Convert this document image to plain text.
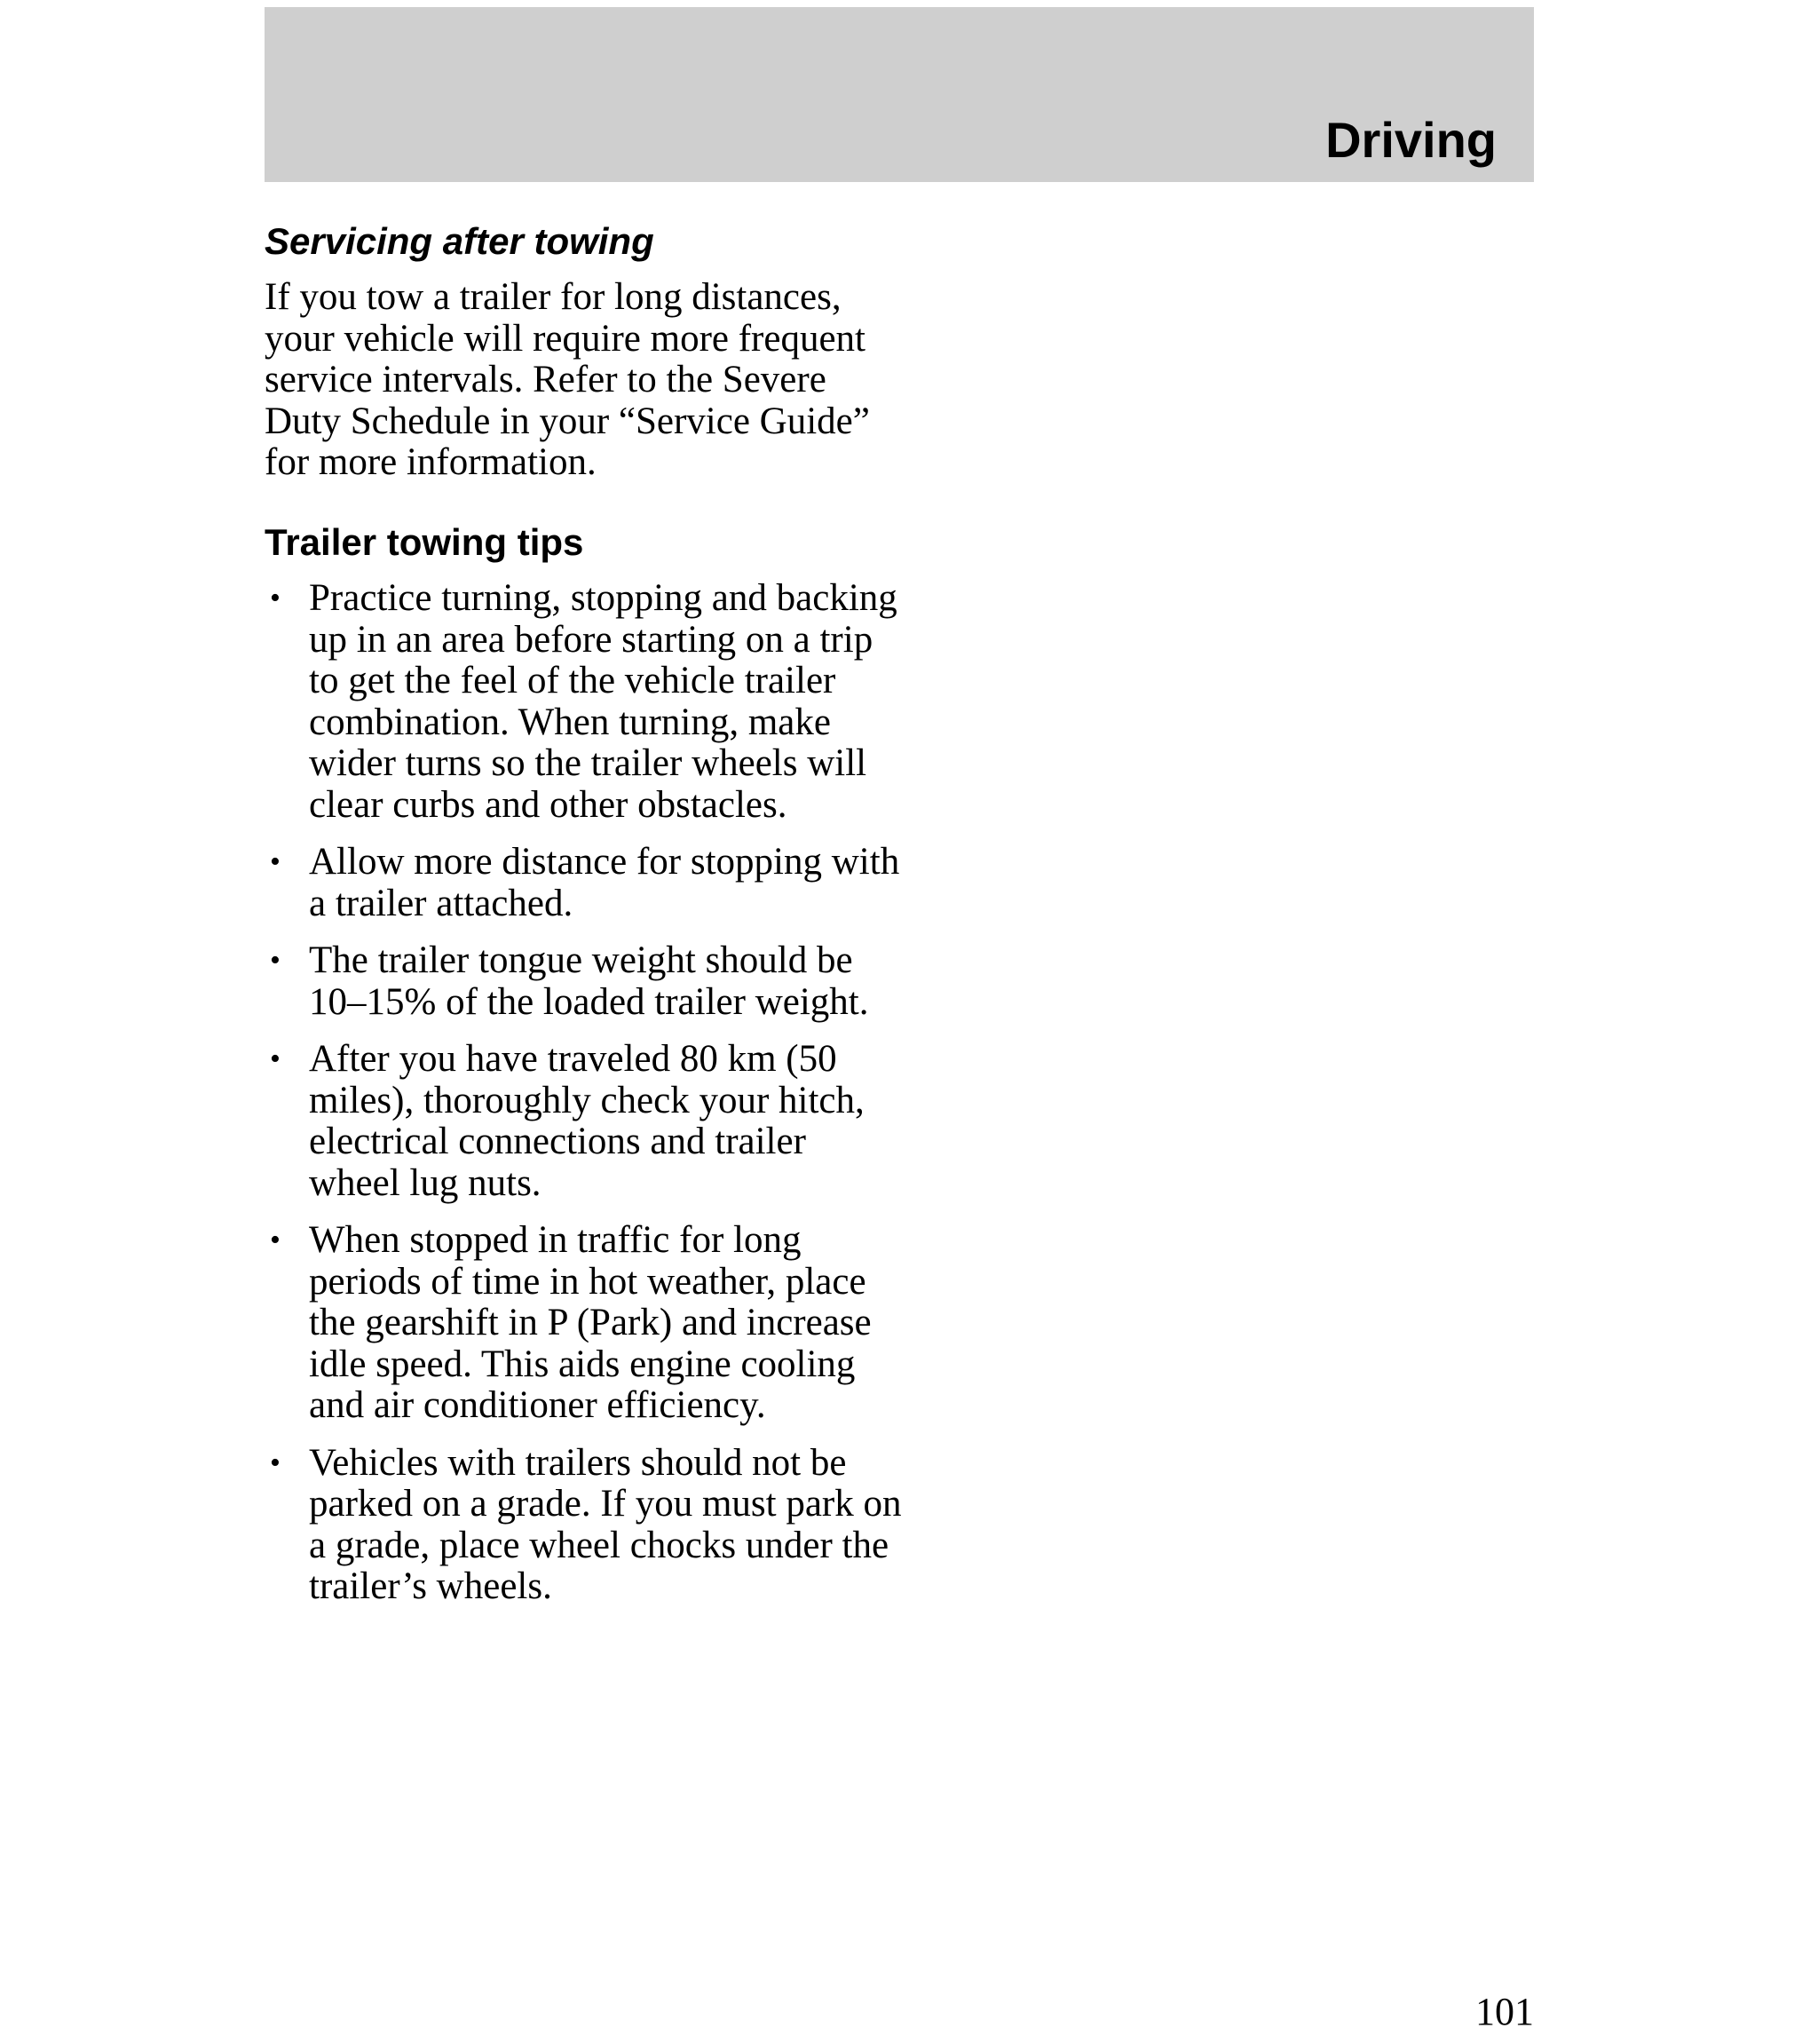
Driving
Servicing after towing

If you tow a trailer for long distances, your vehicle will require more frequent service intervals. Refer to the Severe Duty Schedule in your “Service Guide” for more information.

Trailer towing tips
• Practice turning, stopping and backing up in an area before starting on a trip to get the feel of the vehicle trailer combination. When turning, make wider turns so the trailer wheels will clear curbs and other obstacles.
• Allow more distance for stopping with a trailer attached.
• The trailer tongue weight should be 10–15% of the loaded trailer weight.
• After you have traveled 80 km (50 miles), thoroughly check your hitch, electrical connections and trailer wheel lug nuts.
• When stopped in traffic for long periods of time in hot weather, place the gearshift in P (Park) and increase idle speed. This aids engine cooling and air conditioner efficiency.
• Vehicles with trailers should not be parked on a grade. If you must park on a grade, place wheel chocks under the trailer’s wheels.
101
